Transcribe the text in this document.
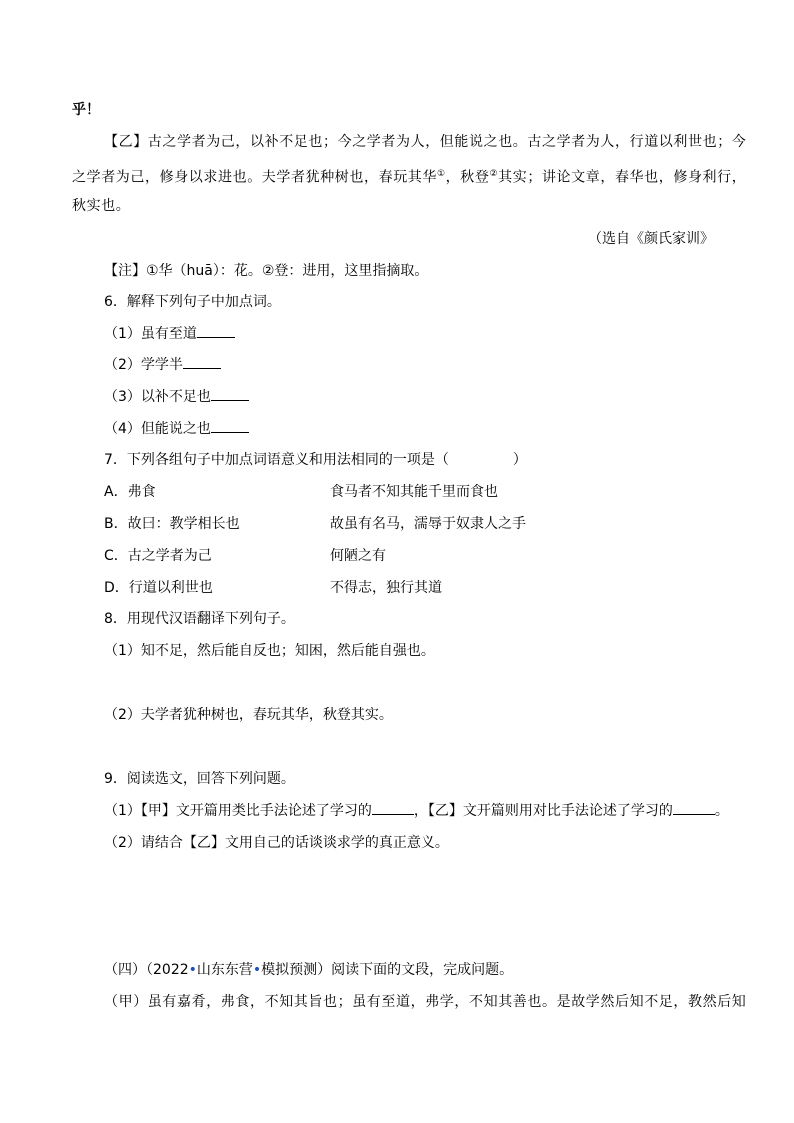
乎！
【乙】古之学者为己，以补不足也；今之学者为人，但能说之也。古之学者为人，行道以利世也；今
之学者为己，修身以求进也。夫学者犹种树也，春玩其华①，秋登②其实；讲论文章，春华也，修身利行，
秋实也。
（选自《颜氏家训》
【注】①华（huā）：花。②登：进用，这里指摘取。
6．解释下列句子中加点词。
（1）虽有至道
（2）学学半
（3）以补不足也
（4）但能说之也
7．下列各组句子中加点词语意义和用法相同的一项是（	）
A．弗食	食马者不知其能千里而食也
B．故曰：教学相长也	故虽有名马，濡辱于奴隶人之手
C．古之学者为己	何陋之有
D．行道以利世也	不得志，独行其道
8．用现代汉语翻译下列句子。
（1）知不足，然后能自反也；知困，然后能自强也。
（2）夫学者犹种树也，春玩其华，秋登其实。
9．阅读选文，回答下列问题。
（1）【甲】文开篇用类比手法论述了学习的	，【乙】文开篇则用对比手法论述了学习的	。
（2）请结合【乙】文用自己的话谈谈求学的真正意义。
（四）（2022•山东东营•模拟预测）阅读下面的文段，完成问题。
（甲）虽有嘉肴，弗食，不知其旨也；虽有至道，弗学，不知其善也。是故学然后知不足，教然后知
